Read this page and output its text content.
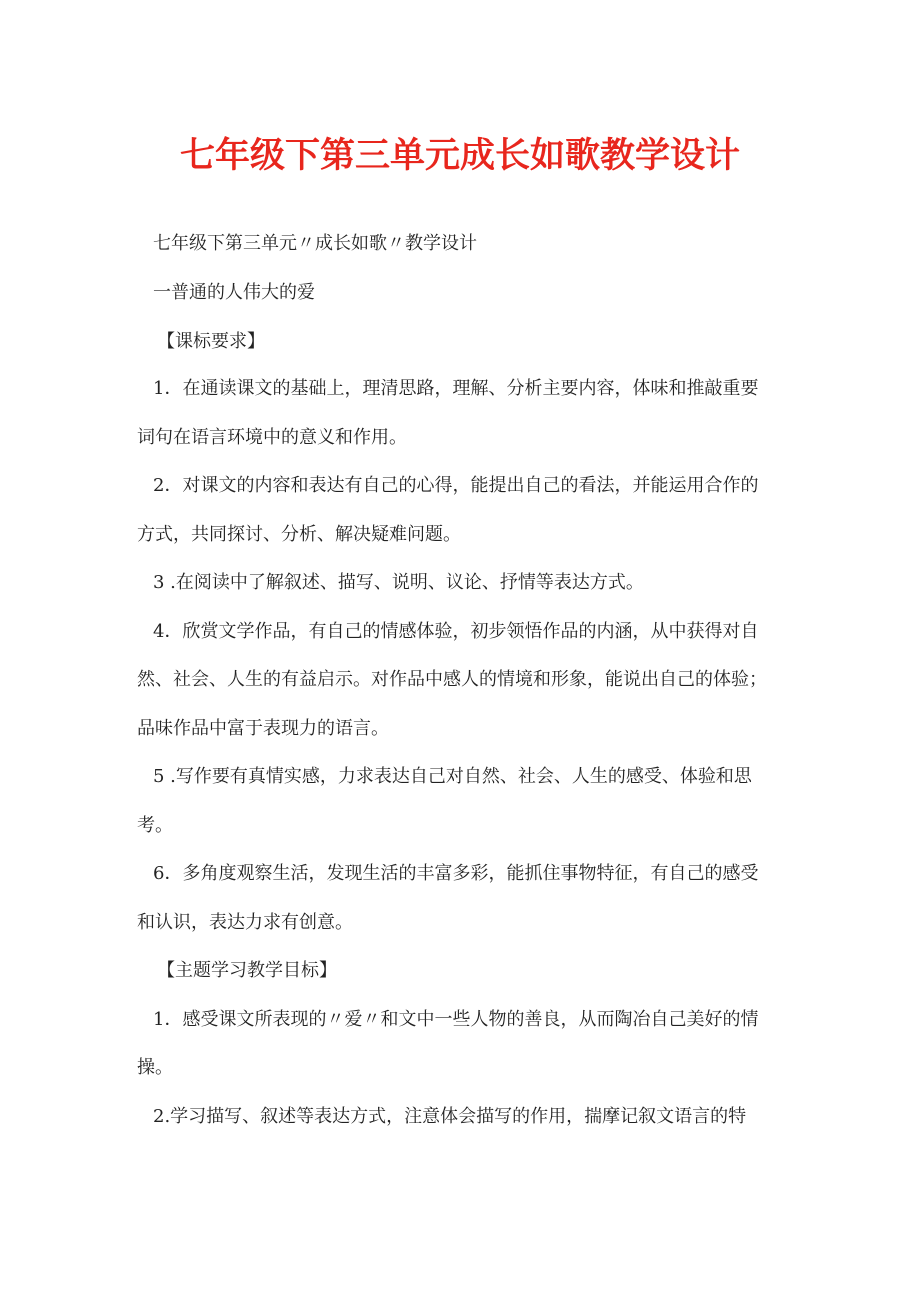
七年级下第三单元成长如歌教学设计
七年级下第三单元〃成长如歌〃教学设计
一普通的人伟大的爱
【课标要求】
1．在通读课文的基础上，理清思路，理解、分析主要内容，体味和推敲重要
词句在语言环境中的意义和作用。
2．对课文的内容和表达有自己的心得，能提出自己的看法，并能运用合作的
方式，共同探讨、分析、解决疑难问题。
3 .在阅读中了解叙述、描写、说明、议论、抒情等表达方式。
4．欣赏文学作品，有自己的情感体验，初步领悟作品的内涵，从中获得对自
然、社会、人生的有益启示。对作品中感人的情境和形象，能说出自己的体验；
品味作品中富于表现力的语言。
5 .写作要有真情实感，力求表达自己对自然、社会、人生的感受、体验和思
考。
6．多角度观察生活，发现生活的丰富多彩，能抓住事物特征，有自己的感受
和认识，表达力求有创意。
【主题学习教学目标】
1．感受课文所表现的〃爱〃和文中一些人物的善良，从而陶冶自己美好的情
操。
2.学习描写、叙述等表达方式，注意体会描写的作用，揣摩记叙文语言的特
